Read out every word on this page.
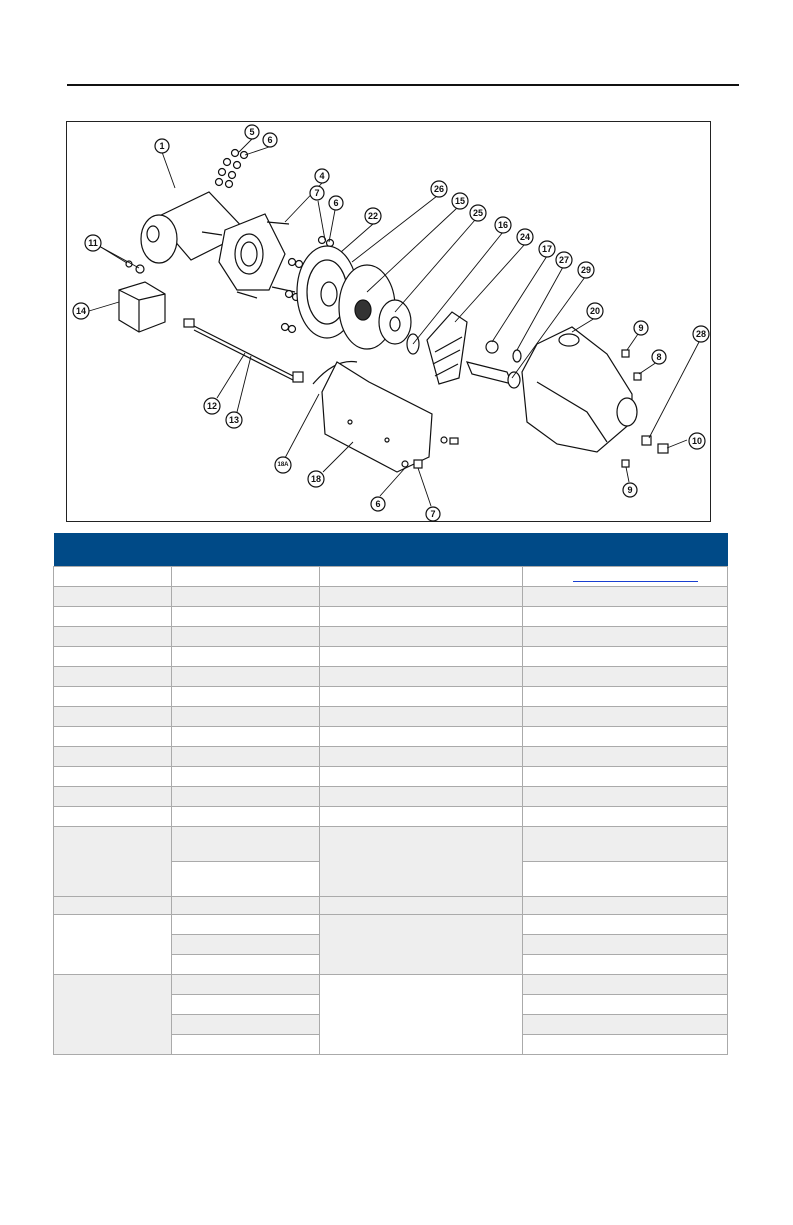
1
5
6
4
7
6
22
26
15
25
16
24
17
27
29
20
9
8
28
10
9
11
14
12
13
18A
18
6
7
